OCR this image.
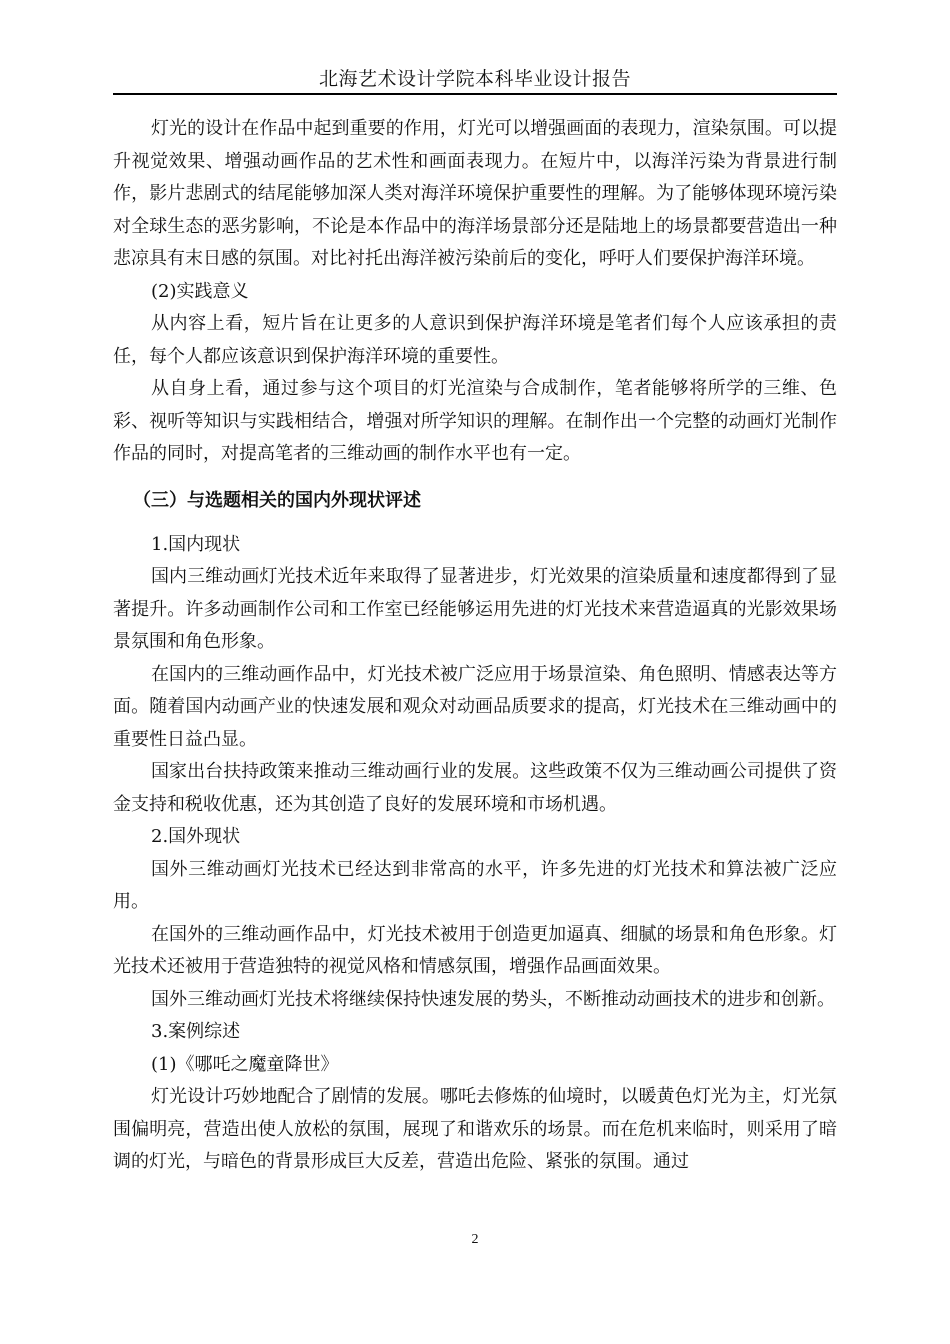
北海艺术设计学院本科毕业设计报告

灯光的设计在作品中起到重要的作用，灯光可以增强画面的表现力，渲染氛围。可以提升视觉效果、增强动画作品的艺术性和画面表现力。在短片中，以海洋污染为背景进行制作，影片悲剧式的结尾能够加深人类对海洋环境保护重要性的理解。为了能够体现环境污染对全球生态的恶劣影响，不论是本作品中的海洋场景部分还是陆地上的场景都要营造出一种悲凉具有末日感的氛围。对比衬托出海洋被污染前后的变化，呼吁人们要保护海洋环境。

(2)实践意义

从内容上看，短片旨在让更多的人意识到保护海洋环境是笔者们每个人应该承担的责任，每个人都应该意识到保护海洋环境的重要性。

从自身上看，通过参与这个项目的灯光渲染与合成制作，笔者能够将所学的三维、色彩、视听等知识与实践相结合，增强对所学知识的理解。在制作出一个完整的动画灯光制作作品的同时，对提高笔者的三维动画的制作水平也有一定。

（三）与选题相关的国内外现状评述

1.国内现状

国内三维动画灯光技术近年来取得了显著进步，灯光效果的渲染质量和速度都得到了显著提升。许多动画制作公司和工作室已经能够运用先进的灯光技术来营造逼真的光影效果场景氛围和角色形象。

在国内的三维动画作品中，灯光技术被广泛应用于场景渲染、角色照明、情感表达等方面。随着国内动画产业的快速发展和观众对动画品质要求的提高，灯光技术在三维动画中的重要性日益凸显。

国家出台扶持政策来推动三维动画行业的发展。这些政策不仅为三维动画公司提供了资金支持和税收优惠，还为其创造了良好的发展环境和市场机遇。

2.国外现状

国外三维动画灯光技术已经达到非常高的水平，许多先进的灯光技术和算法被广泛应用。

在国外的三维动画作品中，灯光技术被用于创造更加逼真、细腻的场景和角色形象。灯光技术还被用于营造独特的视觉风格和情感氛围，增强作品画面效果。

国外三维动画灯光技术将继续保持快速发展的势头，不断推动动画技术的进步和创新。

3.案例综述

(1)《哪吒之魔童降世》

灯光设计巧妙地配合了剧情的发展。哪吒去修炼的仙境时，以暖黄色灯光为主，灯光氛围偏明亮，营造出使人放松的氛围，展现了和谐欢乐的场景。而在危机来临时，则采用了暗调的灯光，与暗色的背景形成巨大反差，营造出危险、紧张的氛围。通过

2
